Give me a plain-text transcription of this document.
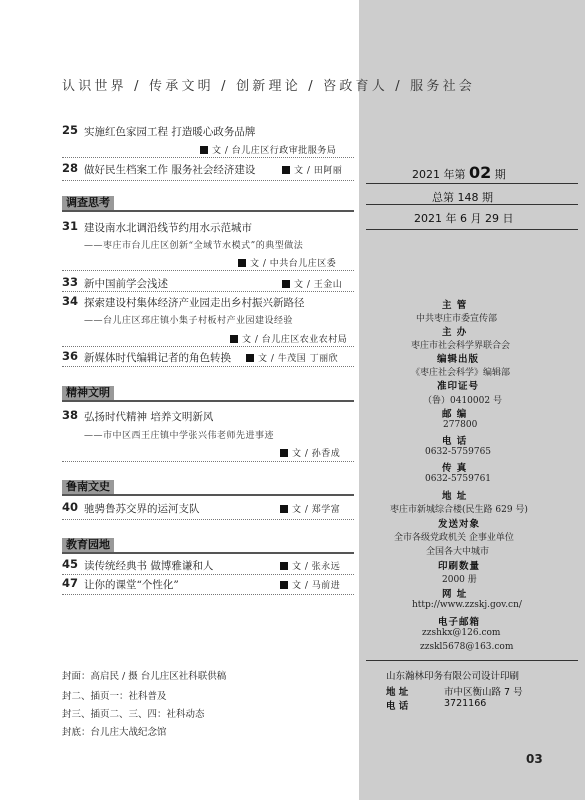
认识世界 / 传承文明 / 创新理论 / 咨政育人 / 服务社会
25 实施红色家园工程 打造暖心政务品牌
文 / 台儿庄区行政审批服务局
28 做好民生档案工作 服务社会经济建设	文 / 田阿丽
调查思考
31 建设南水北调沿线节约用水示范城市
——枣庄市台儿庄区创新“全域节水模式”的典型做法
文 / 中共台儿庄区委
33 新中国前学会浅述	文 / 王金山
34 探索建设村集体经济产业园走出乡村振兴新路径
——台儿庄区邳庄镇小集子村板村产业园建设经验
文 / 台儿庄区农业农村局
36 新媒体时代编辑记者的角色转换	文 / 牛茂国 丁丽欣
精神文明
38 弘扬时代精神 培养文明新风
——市中区西王庄镇中学张兴伟老师先进事迹
文 / 孙香成
鲁南文史
40 驰骋鲁苏交界的运河支队	文 / 郑学富
教育园地
45 读传统经典书 做博雅谦和人	文 / 张永远
47 让你的课堂“个性化”	文 / 马前进
2021 年第 02 期
总第 148 期
2021 年 6 月 29 日
主 管
中共枣庄市委宣传部
主 办
枣庄市社会科学界联合会
编辑出版
《枣庄社会科学》编辑部
准印证号
（鲁）0410002 号
邮 编
277800
电 话
0632-5759765
传 真
0632-5759761
地 址
枣庄市新城综合楼(民生路 629 号)
发送对象
全市各级党政机关 企事业单位
全国各大中城市
印刷数量
2000 册
网 址
http://www.zzskj.gov.cn/
电子邮箱
zzshkx@126.com
zzskl5678@163.com
山东瀚林印务有限公司设计印刷
地 址	市中区衡山路 7 号
电 话	3721166
封面：高启民 / 摄 台儿庄区社科联供稿
封二、插页一：社科普及
封三、插页二、三、四：社科动态
封底：台儿庄大战纪念馆
03
